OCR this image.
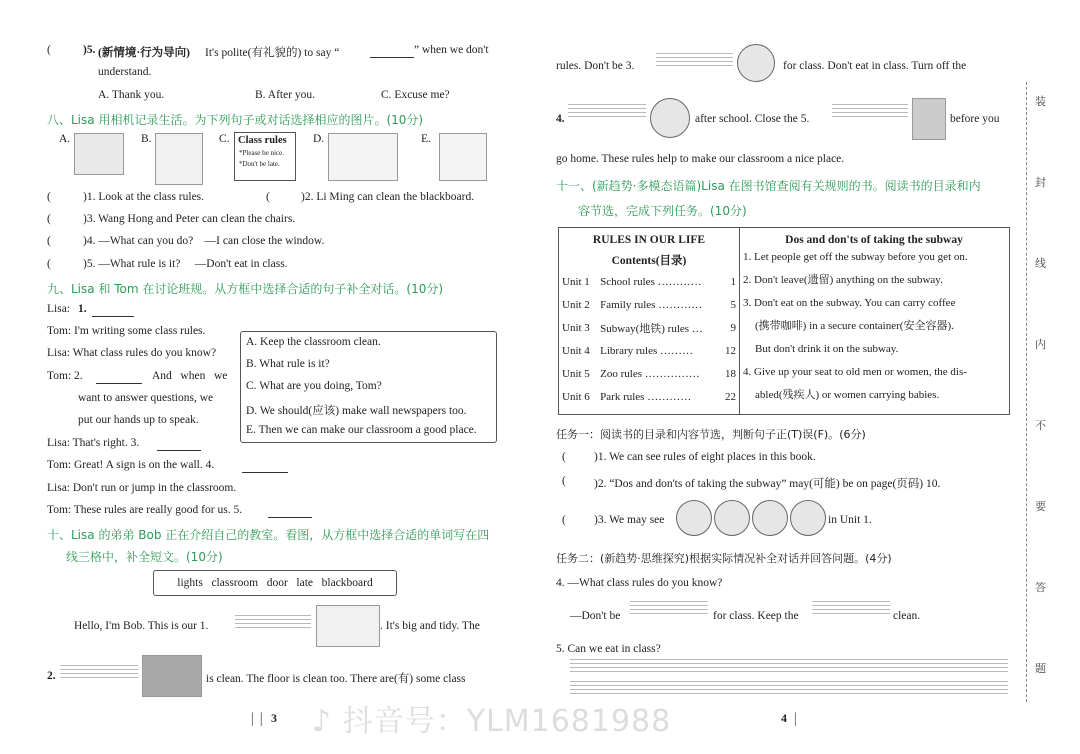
(	)5. (新情境·行为导向) It's polite(有礼貌的) to say “	” when we don't
understand.
A. Thank you.	B. After you.	C. Excuse me?
八、Lisa 用相机记录生活。为下列句子或对话选择相应的图片。(10分)
A.	B.	C. Class rules
*Please be nice.
*Don't be late.
D.	E.
(	)1. Look at the class rules.	(	)2. Li Ming can clean the blackboard.
(	)3. Wang Hong and Peter can clean the chairs.
(	)4. —What can you do?    —I can close the window.
(	)5. —What rule is it?     —Don't eat in class.
九、Lisa 和 Tom 在讨论班规。从方框中选择合适的句子补全对话。(10分)
Lisa: 1.
Tom: I'm writing some class rules.
Lisa: What class rules do you know?
Tom: 2.	And   when   we
want to answer questions, we
put our hands up to speak.
Lisa: That's right. 3.
Tom: Great! A sign is on the wall. 4.
Lisa: Don't run or jump in the classroom.
Tom: These rules are really good for us. 5.
A. Keep the classroom clean.
B. What rule is it?
C. What are you doing, Tom?
D. We should(应该) make wall newspapers too.
E. Then we can make our classroom a good place.
十、Lisa 的弟弟 Bob 正在介绍自己的教室。看图，从方框中选择合适的单词写在四
线三格中，补全短文。(10分)
lights   classroom   door   late   blackboard
Hello, I'm Bob. This is our 1.	. It's big and tidy. The
2.	is clean. The floor is clean too. There are(有) some class
▏▏ 3
rules. Don't be 3.	for class. Don't eat in class. Turn off the
4.	after school. Close the 5.	before you
go home. These rules help to make our classroom a nice place.
十一、(新趋势·多模态语篇)Lisa 在图书馆查阅有关规则的书。阅读书的目录和内
容节选，完成下列任务。(10分)
RULES IN OUR LIFE
Contents(目录)
Unit 1	School rules …………	1
Unit 2	Family rules …………	5
Unit 3	Subway(地铁) rules …	9
Unit 4	Library rules ………	12
Unit 5	Zoo rules ……………	18
Unit 6	Park rules …………	22
Dos and don'ts of taking the subway
1. Let people get off the subway before you get on.
2. Don't leave(遗留) anything on the subway.
3. Don't eat on the subway. You can carry coffee
(携带咖啡) in a secure container(安全容器).
But don't drink it on the subway.
4. Give up your seat to old men or women, the dis-
abled(残疾人) or women carrying babies.
任务一：阅读书的目录和内容节选，判断句子正(T)误(F)。(6分)
( )1. We can see rules of eight places in this book.
( )2. “Dos and don'ts of taking the subway” may(可能) be on page(页码) 10.
( )3. We may see	in Unit 1.
任务二：(新趋势·思维探究)根据实际情况补全对话并回答问题。(4分)
4. —What class rules do you know?
—Don't be	for class. Keep the	clean.
5. Can we eat in class?
4 ▏
装
封
线
内
不
要
答
题
♪ 抖音号：YLM1681988
